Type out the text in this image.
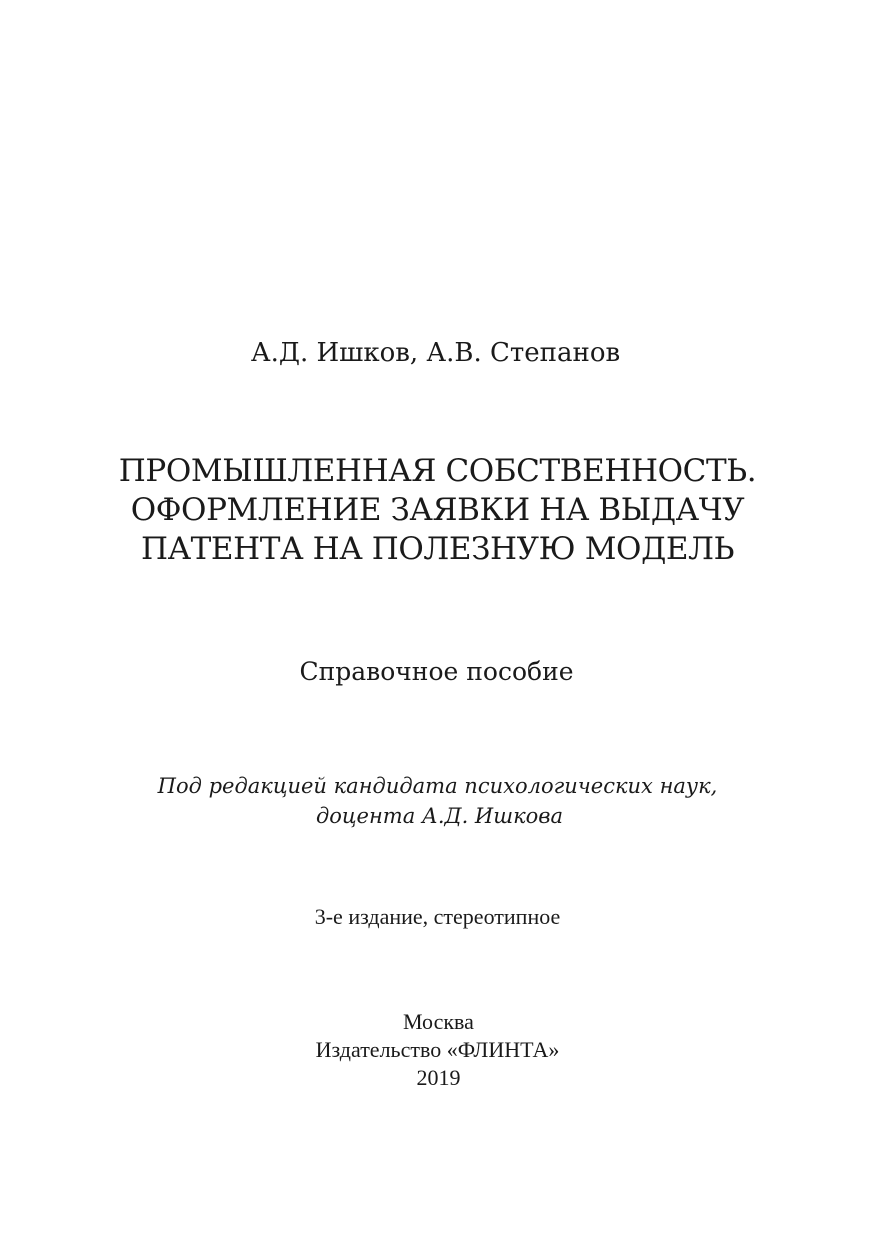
А.Д. Ишков, А.В. Степанов

ПРОМЫШЛЕННАЯ СОБСТВЕННОСТЬ.

ОФОРМЛЕНИЕ ЗАЯВКИ НА ВЫДАЧУ

ПАТЕНТА НА ПОЛЕЗНУЮ МОДЕЛЬ

Справочное пособие

Под редакцией кандидата психологических наук,

доцента А.Д. Ишкова

3-е издание, стереотипное

Москва

Издательство «ФЛИНТА»

2019
